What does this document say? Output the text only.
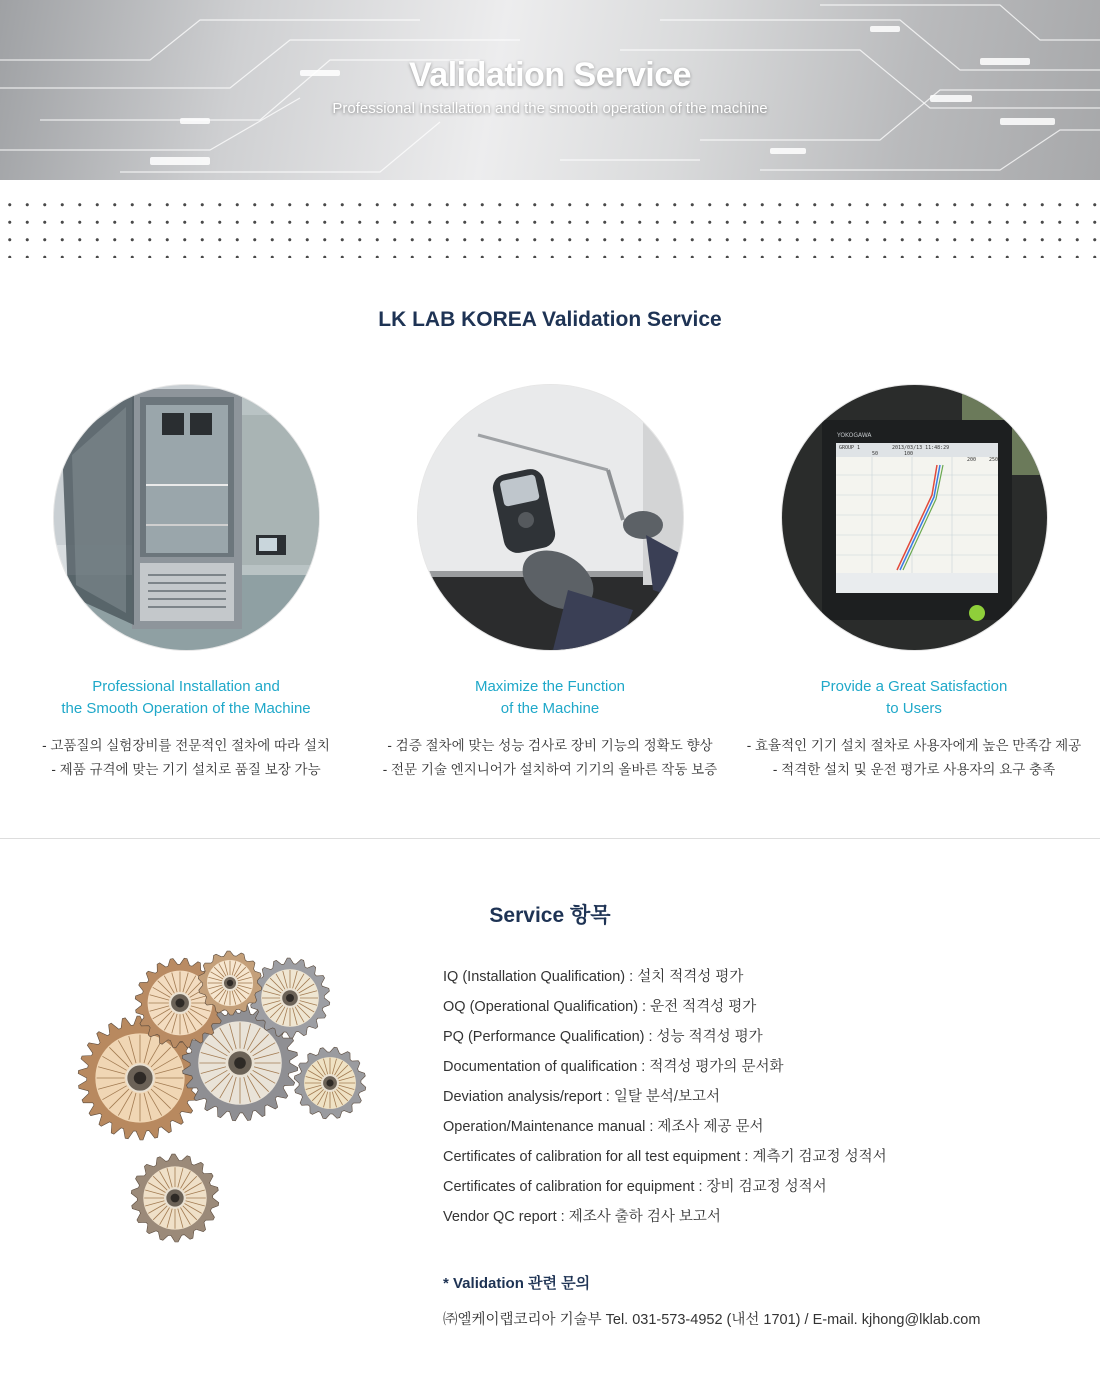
Validation Service
Professional Installation and the smooth operation of the machine
LK LAB KOREA Validation Service
Professional Installation and
the Smooth Operation of the Machine
- 고품질의 실험장비를 전문적인 절차에 따라 설치
- 제품 규격에 맞는 기기 설치로 품질 보장 가능
Maximize the Function
of the Machine
- 검증 절차에 맞는 성능 검사로 장비 기능의 정확도 향상
- 전문 기술 엔지니어가 설치하여 기기의 올바른 작동 보증
YOKOGAWA
GROUP 1	2013/03/13 11:48:29
50	100
200	250
Provide a Great Satisfaction
to Users
- 효율적인 기기 설치 절차로 사용자에게 높은 만족감 제공
- 적격한 설치 및 운전 평가로 사용자의 요구 충족
Service 항목
IQ (Installation Qualification) : 설치 적격성 평가
OQ (Operational Qualification) : 운전 적격성 평가
PQ (Performance Qualification) : 성능 적격성 평가
Documentation of qualification : 적격성 평가의 문서화
Deviation analysis/report : 일탈 분석/보고서
Operation/Maintenance manual : 제조사 제공 문서
Certificates of calibration for all test equipment : 계측기 검교정 성적서
Certificates of calibration for equipment : 장비 검교정 성적서
Vendor QC report : 제조사 출하 검사 보고서
* Validation 관련 문의
㈜엘케이랩코리아 기술부 Tel. 031-573-4952 (내선 1701) / E-mail. kjhong@lklab.com
